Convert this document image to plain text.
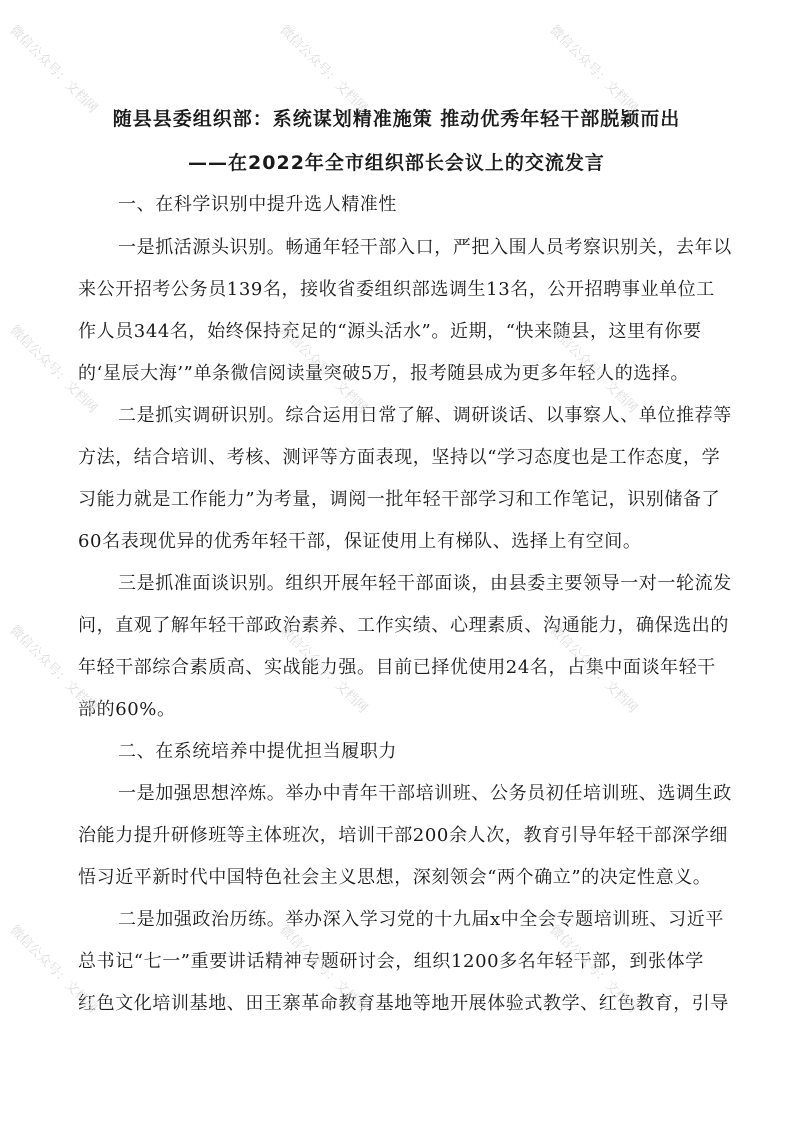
随县县委组织部：系统谋划精准施策 推动优秀年轻干部脱颖而出
——在2022年全市组织部长会议上的交流发言
一、在科学识别中提升选人精准性
一是抓活源头识别。畅通年轻干部入口，严把入围人员考察识别关，去年以
来公开招考公务员139名，接收省委组织部选调生13名，公开招聘事业单位工
作人员344名，始终保持充足的“源头活水”。近期，“快来随县，这里有你要
的‘星辰大海’”单条微信阅读量突破5万，报考随县成为更多年轻人的选择。
二是抓实调研识别。综合运用日常了解、调研谈话、以事察人、单位推荐等
方法，结合培训、考核、测评等方面表现，坚持以“学习态度也是工作态度，学
习能力就是工作能力”为考量，调阅一批年轻干部学习和工作笔记，识别储备了
60名表现优异的优秀年轻干部，保证使用上有梯队、选择上有空间。
三是抓准面谈识别。组织开展年轻干部面谈，由县委主要领导一对一轮流发
问，直观了解年轻干部政治素养、工作实绩、心理素质、沟通能力，确保选出的
年轻干部综合素质高、实战能力强。目前已择优使用24名，占集中面谈年轻干
部的60%。
二、在系统培养中提优担当履职力
一是加强思想淬炼。举办中青年干部培训班、公务员初任培训班、选调生政
治能力提升研修班等主体班次，培训干部200余人次，教育引导年轻干部深学细
悟习近平新时代中国特色社会主义思想，深刻领会“两个确立”的决定性意义。
二是加强政治历练。举办深入学习党的十九届x中全会专题培训班、习近平
总书记“七一”重要讲话精神专题研讨会，组织1200多名年轻干部，到张体学
红色文化培训基地、田王寨革命教育基地等地开展体验式教学、红色教育，引导
微信公众号：文档网	微信公众号：文档网	微信公众号：文档网
微信公众号：文档网	微信公众号：文档网	微信公众号：文档网
微信公众号：文档网	微信公众号：文档网	微信公众号：文档网
微信公众号：文档网	微信公众号：文档网	微信公众号：文档网
